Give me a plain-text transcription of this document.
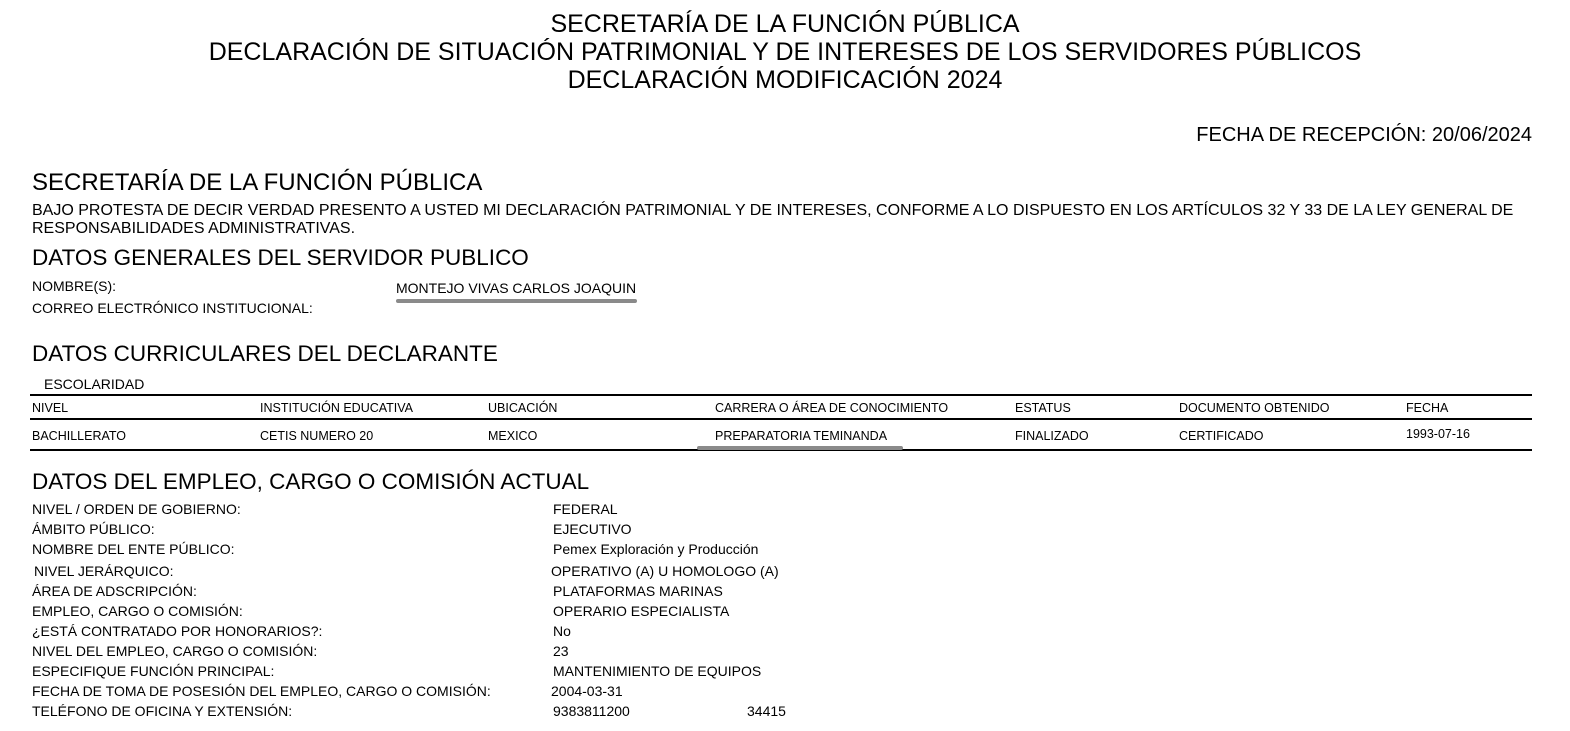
SECRETARÍA DE LA FUNCIÓN PÚBLICA
DECLARACIÓN DE SITUACIÓN PATRIMONIAL Y DE INTERESES DE LOS SERVIDORES PÚBLICOS
DECLARACIÓN MODIFICACIÓN 2024
FECHA DE RECEPCIÓN: 20/06/2024
SECRETARÍA DE LA FUNCIÓN PÚBLICA
BAJO PROTESTA DE DECIR VERDAD PRESENTO A USTED MI DECLARACIÓN PATRIMONIAL Y DE INTERESES, CONFORME A LO DISPUESTO EN LOS ARTÍCULOS 32 Y 33 DE LA LEY GENERAL DE RESPONSABILIDADES ADMINISTRATIVAS.
DATOS GENERALES DEL SERVIDOR PUBLICO
NOMBRE(S):	MONTEJO VIVAS CARLOS JOAQUIN
CORREO ELECTRÓNICO INSTITUCIONAL:
DATOS CURRICULARES DEL DECLARANTE
ESCOLARIDAD
NIVEL	INSTITUCIÓN EDUCATIVA	UBICACIÓN	CARRERA O ÁREA DE CONOCIMIENTO	ESTATUS	DOCUMENTO OBTENIDO	FECHA
BACHILLERATO	CETIS NUMERO 20	MEXICO	PREPARATORIA TEMINANDA	FINALIZADO	CERTIFICADO	1993-07-16
DATOS DEL EMPLEO, CARGO O COMISIÓN ACTUAL
NIVEL / ORDEN DE GOBIERNO:	FEDERAL
ÁMBITO PÚBLICO:	EJECUTIVO
NOMBRE DEL ENTE PÚBLICO:	Pemex Exploración y Producción
NIVEL JERÁRQUICO:	OPERATIVO (A) U HOMOLOGO (A)
ÁREA DE ADSCRIPCIÓN:	PLATAFORMAS MARINAS
EMPLEO, CARGO O COMISIÓN:	OPERARIO ESPECIALISTA
¿ESTÁ CONTRATADO POR HONORARIOS?:	No
NIVEL DEL EMPLEO, CARGO O COMISIÓN:	23
ESPECIFIQUE FUNCIÓN PRINCIPAL:	MANTENIMIENTO DE EQUIPOS
FECHA DE TOMA DE POSESIÓN DEL EMPLEO, CARGO O COMISIÓN:	2004-03-31
TELÉFONO DE OFICINA Y EXTENSIÓN:	9383811200	34415
